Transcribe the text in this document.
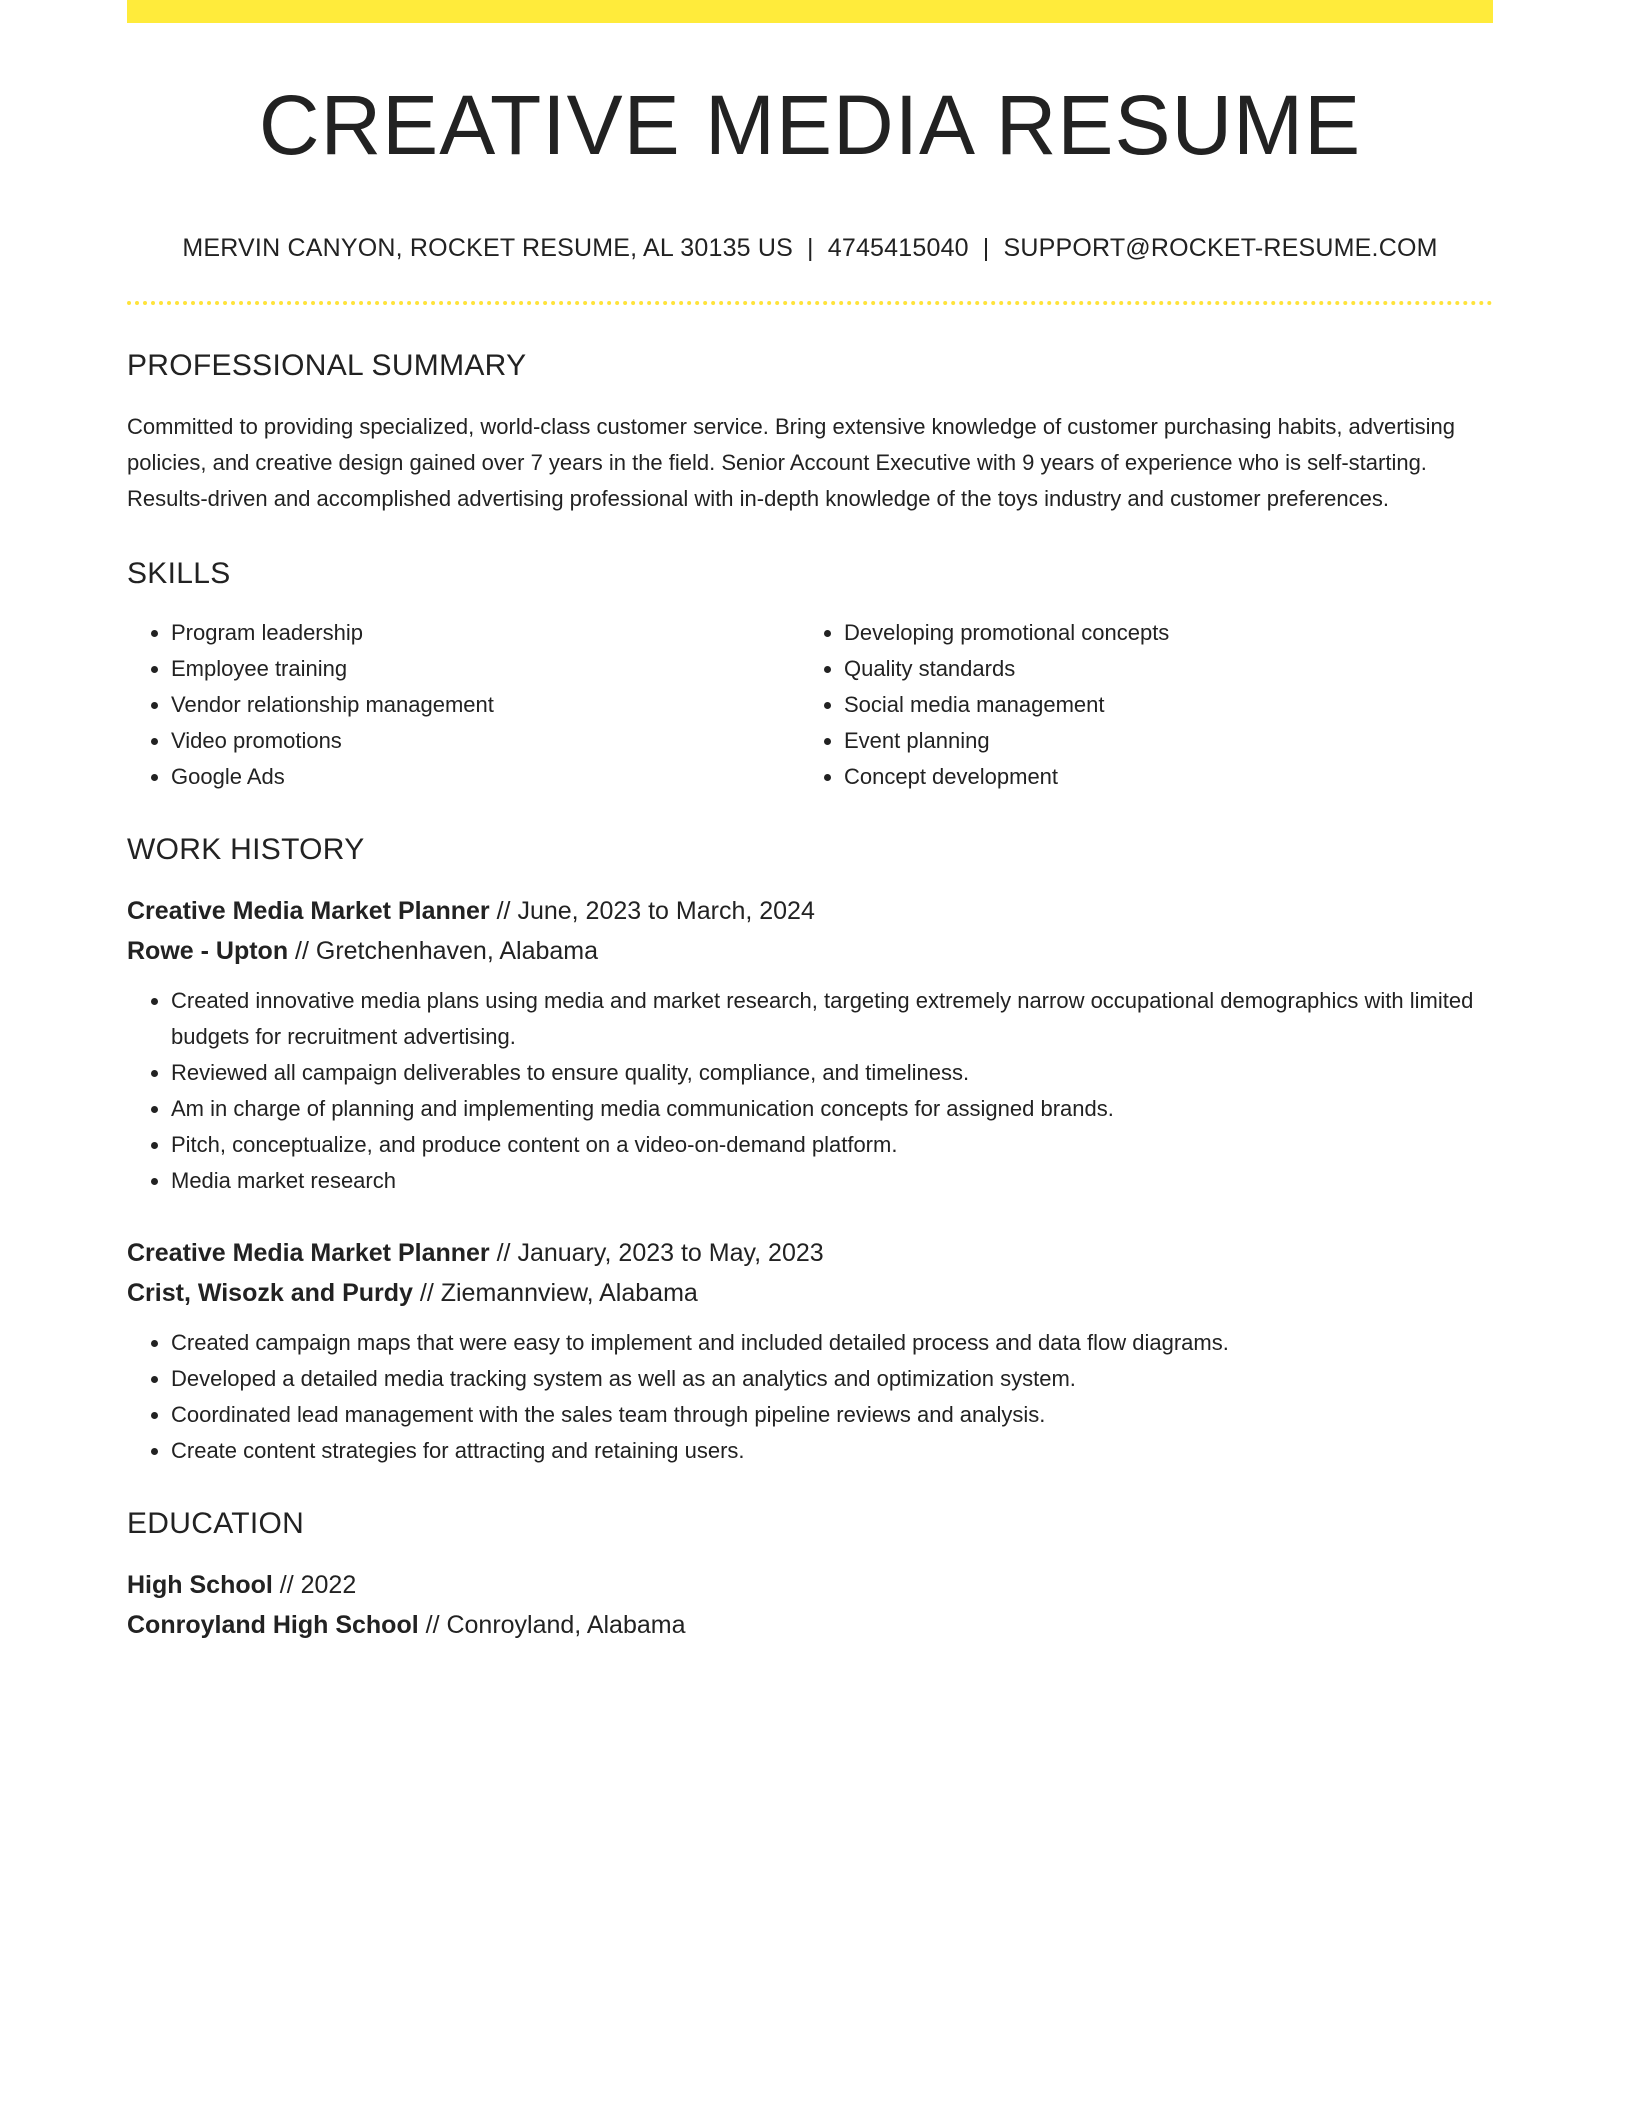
CREATIVE MEDIA RESUME
MERVIN CANYON, ROCKET RESUME, AL 30135 US | 4745415040 | SUPPORT@ROCKET-RESUME.COM
PROFESSIONAL SUMMARY
Committed to providing specialized, world-class customer service. Bring extensive knowledge of customer purchasing habits, advertising policies, and creative design gained over 7 years in the field. Senior Account Executive with 9 years of experience who is self-starting. Results-driven and accomplished advertising professional with in-depth knowledge of the toys industry and customer preferences.
SKILLS
• Program leadership
• Employee training
• Vendor relationship management
• Video promotions
• Google Ads
• Developing promotional concepts
• Quality standards
• Social media management
• Event planning
• Concept development
WORK HISTORY
Creative Media Market Planner // June, 2023 to March, 2024
Rowe - Upton // Gretchenhaven, Alabama
• Created innovative media plans using media and market research, targeting extremely narrow occupational demographics with limited budgets for recruitment advertising.
• Reviewed all campaign deliverables to ensure quality, compliance, and timeliness.
• Am in charge of planning and implementing media communication concepts for assigned brands.
• Pitch, conceptualize, and produce content on a video-on-demand platform.
• Media market research
Creative Media Market Planner // January, 2023 to May, 2023
Crist, Wisozk and Purdy // Ziemannview, Alabama
• Created campaign maps that were easy to implement and included detailed process and data flow diagrams.
• Developed a detailed media tracking system as well as an analytics and optimization system.
• Coordinated lead management with the sales team through pipeline reviews and analysis.
• Create content strategies for attracting and retaining users.
EDUCATION
High School // 2022
Conroyland High School // Conroyland, Alabama
